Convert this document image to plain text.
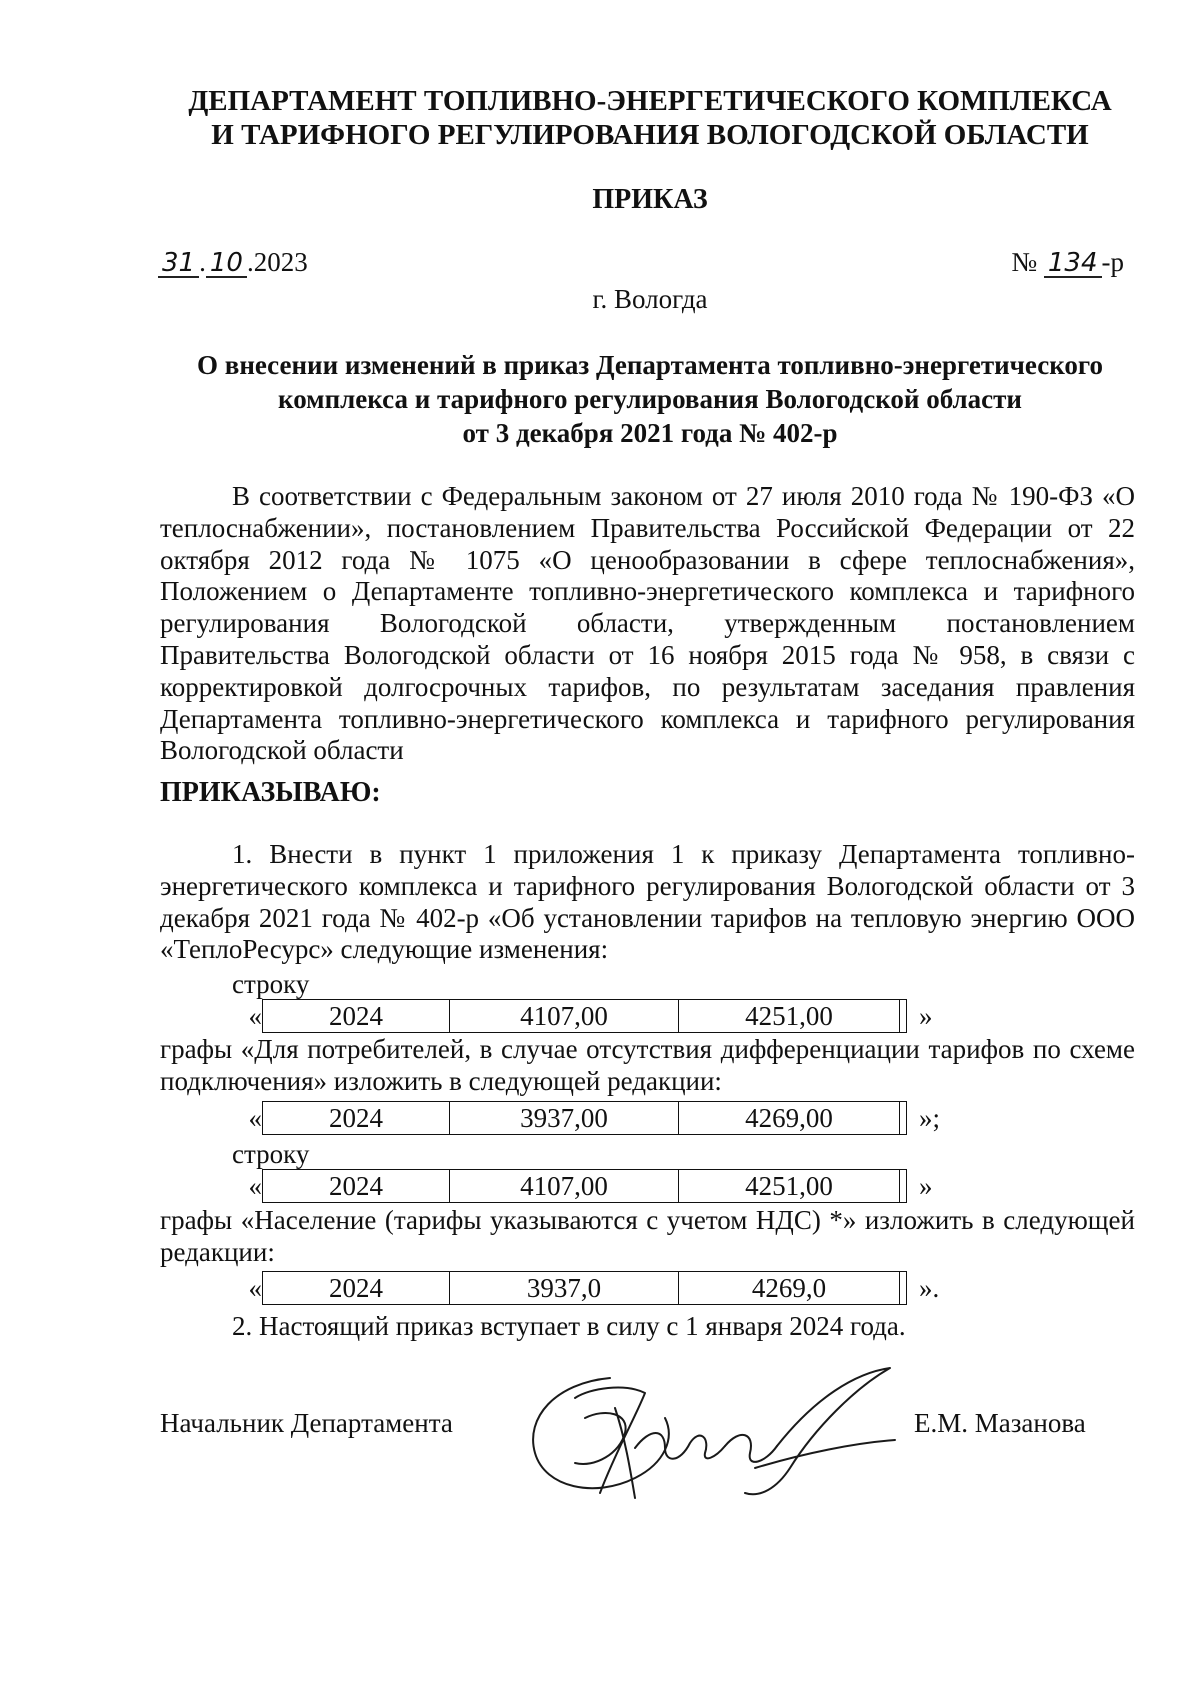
ДЕПАРТАМЕНТ ТОПЛИВНО-ЭНЕРГЕТИЧЕСКОГО КОМПЛЕКСА
И ТАРИФНОГО РЕГУЛИРОВАНИЯ ВОЛОГОДСКОЙ ОБЛАСТИ
ПРИКАЗ
31 . 10 .2023	№ 134 -р
г. Вологда
О внесении изменений в приказ Департамента топливно-энергетического
комплекса и тарифного регулирования Вологодской области
от 3 декабря 2021 года № 402-р
В соответствии с Федеральным законом от 27 июля 2010 года № 190-ФЗ «О теплоснабжении», постановлением Правительства Российской Федерации от 22 октября 2012 года № 1075 «О ценообразовании в сфере теплоснабжения», Положением о Департаменте топливно-энергетического комплекса и тарифного регулирования Вологодской области, утвержденным постановлением Правительства Вологодской области от 16 ноября 2015 года № 958, в связи с корректировкой долгосрочных тарифов, по результатам заседания правления Департамента топливно-энергетического комплекса и тарифного регулирования Вологодской области
ПРИКАЗЫВАЮ:
1. Внести в пункт 1 приложения 1 к приказу Департамента топливно-энергетического комплекса и тарифного регулирования Вологодской области от 3 декабря 2021 года № 402-р «Об установлении тарифов на тепловую энергию ООО «ТеплоРесурс» следующие изменения:
строку
«	2024	4107,00	4251,00	»
графы «Для потребителей, в случае отсутствия дифференциации тарифов по схеме подключения» изложить в следующей редакции:
«	2024	3937,00	4269,00	»;
строку
«	2024	4107,00	4251,00	»
графы «Население (тарифы указываются с учетом НДС) *» изложить в следующей редакции:
«	2024	3937,0	4269,0	».
2. Настоящий приказ вступает в силу с 1 января 2024 года.
Начальник Департамента	Е.М. Мазанова
